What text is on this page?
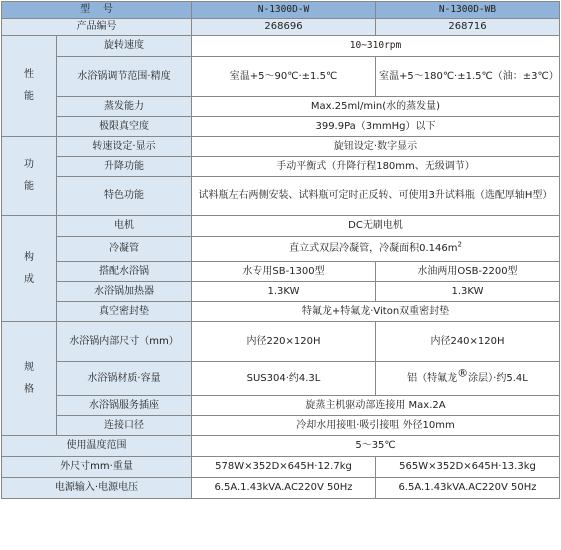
型    号		N-1300D-W	N-1300D-WB
产品编号		268696	268716
性
能	旋转速度	10~310rpm	
	水浴锅调节范围·精度	室温+5～90℃·±1.5℃	室温+5～180℃·±1.5℃（油：±3℃）
	蒸发能力	Max.25ml/min(水的蒸发量)	
	极限真空度	399.9Pa（3mmHg）以下	
功
能	转速设定·显示	旋钮设定·数字显示	
	升降功能	手动平衡式（升降行程180mm、无级调节）	
	特色功能	试料瓶左右两侧安装、试料瓶可定时正反转、可使用3升试料瓶（选配厚轴H型）	
构
成	电机	DC无刷电机	
	冷凝管	直立式双层冷凝管，冷凝面积$0.146m^2$
	搭配水浴锅	水专用SB-1300型	水油两用OSB-2200型
	水浴锅加热器	1.3KW	1.3KW
	真空密封垫	特氟龙+特氟龙·Viton双重密封垫	
规
格	水浴锅内部尺寸（mm）	内径220×120H	内径240×120H
	水浴锅材质·容量	SUS304·约4.3L	铝（特氟龙®涂层）·约5.4L
	水浴锅服务插座	旋蒸主机驱动部连接用 Max.2A	
	连接口径	冷却水用接咀·吸引接咀 外径10mm	
使用温度范围		5～35℃	
外尺寸mm·重量		578W×352D×645H·12.7kg	565W×352D×645H·13.3kg
电源输入·电源电压		6.5A.1.43kVA.AC220V 50Hz	6.5A.1.43kVA.AC220V 50Hz
